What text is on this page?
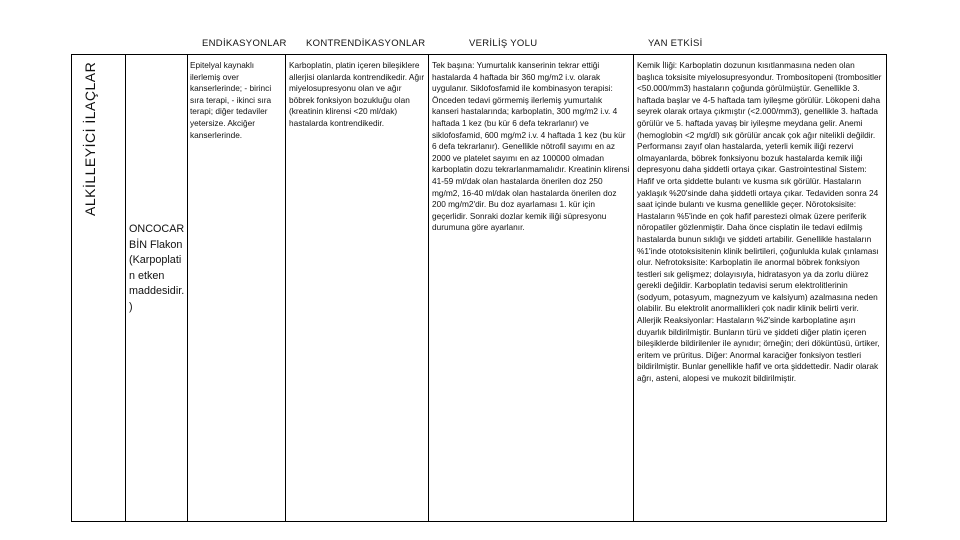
ENDİKASYONLAR KONTRENDİKASYONLAR	VERİLİŞ YOLU	YAN ETKİSİ
ALKİLLEYİCİ İLAÇLAR
ONCOCARBİN Flakon (Karpoplatin etken maddesidir.)
Epitelyal kaynaklı ilerlemiş over kanserlerinde; - birinci sıra terapi, - ikinci sıra terapi; diğer tedaviler yetersize. Akciğer kanserlerinde.
Karboplatin, platin içeren bileşiklere allerjisi olanlarda kontrendikedir. Ağır miyelosupresyonu olan ve ağır böbrek fonksiyon bozukluğu olan (kreatinin klirensi <20 ml/dak) hastalarda kontrendikedir.
Tek başına: Yumurtalık kanserinin tekrar ettiği hastalarda 4 haftada bir 360 mg/m2 i.v. olarak uygulanır. Siklofosfamid ile kombinasyon terapisi: Önceden tedavi görmemiş ilerlemiş yumurtalık kanseri hastalarında; karboplatin, 300 mg/m2 i.v. 4 haftada 1 kez (bu kür 6 defa tekrarlanır) ve siklofosfamid, 600 mg/m2 i.v. 4 haftada 1 kez (bu kür 6 defa tekrarlanır). Genellikle nötrofil sayımı en az 2000 ve platelet sayımı en az 100000 olmadan karboplatin dozu tekrarlanmamalıdır. Kreatinin klirensi 41-59 ml/dak olan hastalarda önerilen doz 250 mg/m2, 16-40 ml/dak olan hastalarda önerilen doz 200 mg/m2'dir. Bu doz ayarlaması 1. kür için geçerlidir. Sonraki dozlar kemik iliği süpresyonu durumuna göre ayarlanır.
Kemik İliği: Karboplatin dozunun kısıtlanmasına neden olan başlıca toksisite miyelosupresyondur. Trombositopeni (trombositler <50.000/mm3) hastaların çoğunda görülmüştür. Genellikle 3. haftada başlar ve 4-5 haftada tam iyileşme görülür. Lökopeni daha seyrek olarak ortaya çıkmıştır (<2.000/mm3), genellikle 3. haftada görülür ve 5. haftada yavaş bir iyileşme meydana gelir. Anemi (hemoglobin <2 mg/dl) sık görülür ancak çok ağır nitelikli değildir. Performansı zayıf olan hastalarda, yeterli kemik iliği rezervi olmayanlarda, böbrek fonksiyonu bozuk hastalarda kemik iliği depresyonu daha şiddetli ortaya çıkar. Gastrointestinal Sistem: Hafif ve orta şiddette bulantı ve kusma sık görülür. Hastaların yaklaşık %20'sinde daha şiddetli ortaya çıkar. Tedaviden sonra 24 saat içinde bulantı ve kusma genellikle geçer. Nörotoksisite: Hastaların %5'inde en çok hafif parestezi olmak üzere periferik nöropatiler gözlenmiştir. Daha önce cisplatin ile tedavi edilmiş hastalarda bunun sıklığı ve şiddeti artabilir. Genellikle hastaların %1'inde ototoksisitenin klinik belirtileri, çoğunlukla kulak çınlaması olur. Nefrotoksisite: Karboplatin ile anormal böbrek fonksiyon testleri sık gelişmez; dolayısıyla, hidratasyon ya da zorlu diürez gerekli değildir. Karboplatin tedavisi serum elektrolitlerinin (sodyum, potasyum, magnezyum ve kalsiyum) azalmasına neden olabilir. Bu elektrolit anormallikleri çok nadir klinik belirti verir. Allerjik Reaksiyonlar: Hastaların %2'sinde karboplatine aşırı duyarlık bildirilmiştir. Bunların türü ve şiddeti diğer platin içeren bileşiklerde bildirilenler ile aynıdır; örneğin; deri döküntüsü, ürtiker, eritem ve prüritus. Diğer: Anormal karaciğer fonksiyon testleri bildirilmiştir. Bunlar genellikle hafif ve orta şiddettedir. Nadir olarak ağrı, asteni, alopesi ve mukozit bildirilmiştir.
